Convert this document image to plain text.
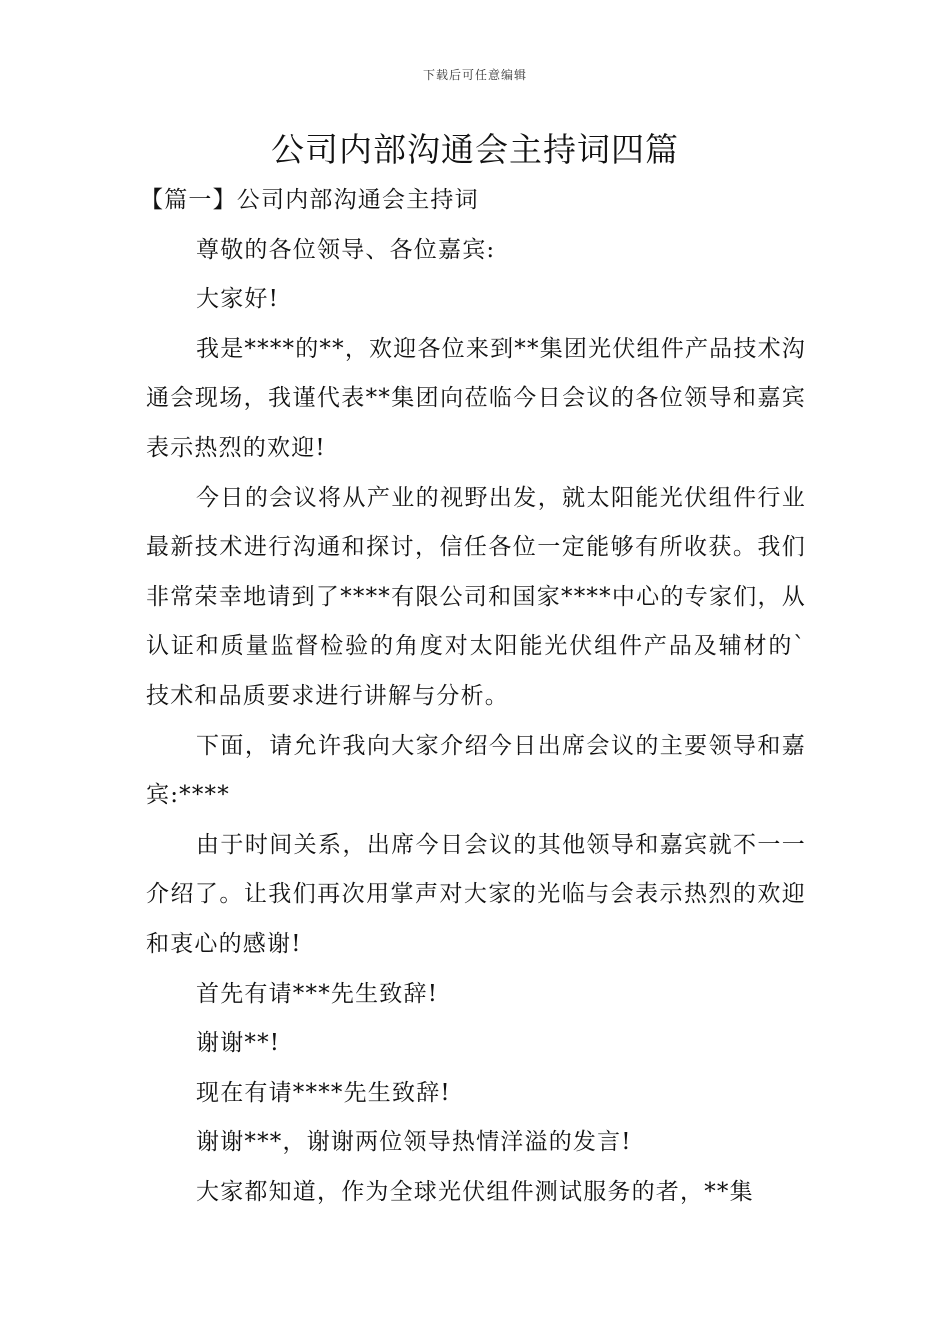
下载后可任意编辑
公司内部沟通会主持词四篇

【篇一】公司内部沟通会主持词

尊敬的各位领导、各位嘉宾:

大家好!

我是****的**，欢迎各位来到**集团光伏组件产品技术沟通会现场，我谨代表**集团向莅临今日会议的各位领导和嘉宾表示热烈的欢迎!

今日的会议将从产业的视野出发，就太阳能光伏组件行业最新技术进行沟通和探讨，信任各位一定能够有所收获。我们非常荣幸地请到了****有限公司和国家****中心的专家们，从认证和质量监督检验的角度对太阳能光伏组件产品及辅材的`技术和品质要求进行讲解与分析。

下面，请允许我向大家介绍今日出席会议的主要领导和嘉宾:****

由于时间关系，出席今日会议的其他领导和嘉宾就不一一介绍了。让我们再次用掌声对大家的光临与会表示热烈的欢迎和衷心的感谢!

首先有请***先生致辞!

谢谢**!

现在有请****先生致辞!

谢谢***，谢谢两位领导热情洋溢的发言!

大家都知道，作为全球光伏组件测试服务的者，**集
